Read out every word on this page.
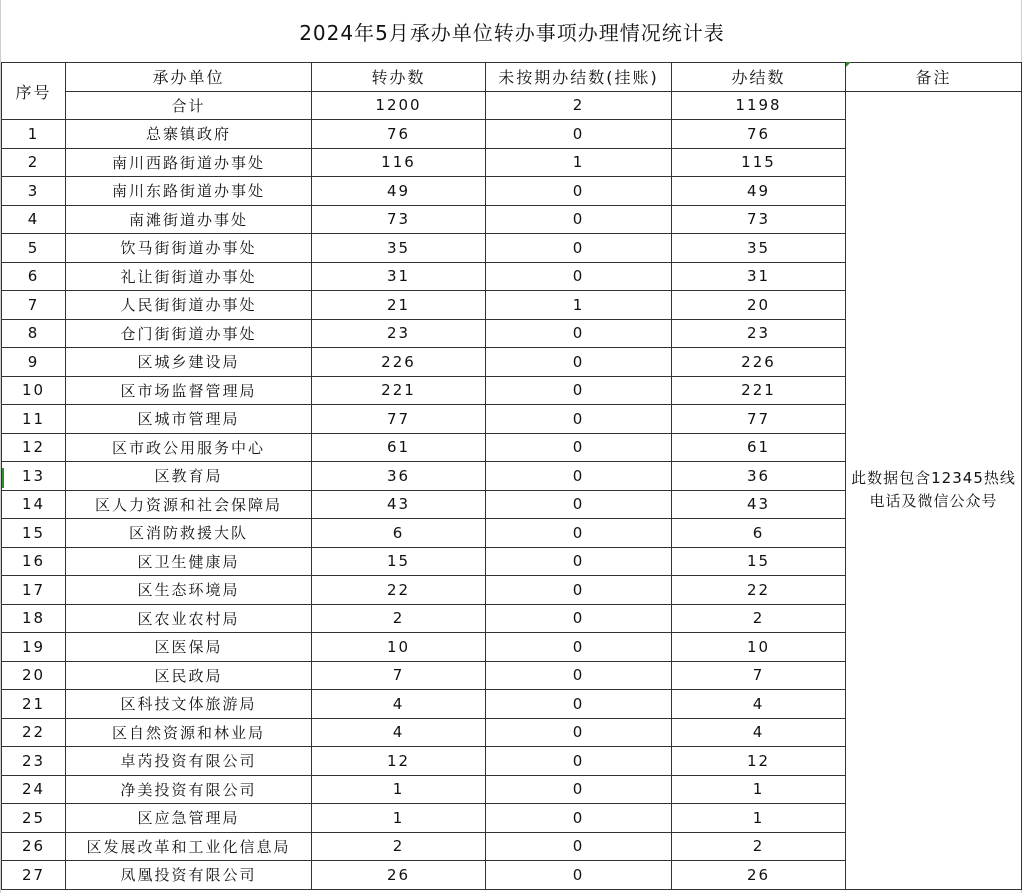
2024年5月承办单位转办事项办理情况统计表
序号	承办单位	转办数	未按期办结数(挂账)	办结数	备注
	合计	1200	2	1198	此数据包含12345热线电话及微信公众号
1	总寨镇政府	76	0	76	
2	南川西路街道办事处	116	1	115	
3	南川东路街道办事处	49	0	49	
4	南滩街道办事处	73	0	73	
5	饮马街街道办事处	35	0	35	
6	礼让街街道办事处	31	0	31	
7	人民街街道办事处	21	1	20	
8	仓门街街道办事处	23	0	23	
9	区城乡建设局	226	0	226	
10	区市场监督管理局	221	0	221	
11	区城市管理局	77	0	77	
12	区市政公用服务中心	61	0	61	
13	区教育局	36	0	36	
14	区人力资源和社会保障局	43	0	43	
15	区消防救援大队	6	0	6	
16	区卫生健康局	15	0	15	
17	区生态环境局	22	0	22	
18	区农业农村局	2	0	2	
19	区医保局	10	0	10	
20	区民政局	7	0	7	
21	区科技文体旅游局	4	0	4	
22	区自然资源和林业局	4	0	4	
23	卓芮投资有限公司	12	0	12	
24	净美投资有限公司	1	0	1	
25	区应急管理局	1	0	1	
26	区发展改革和工业化信息局	2	0	2	
27	凤凰投资有限公司	26	0	26	
